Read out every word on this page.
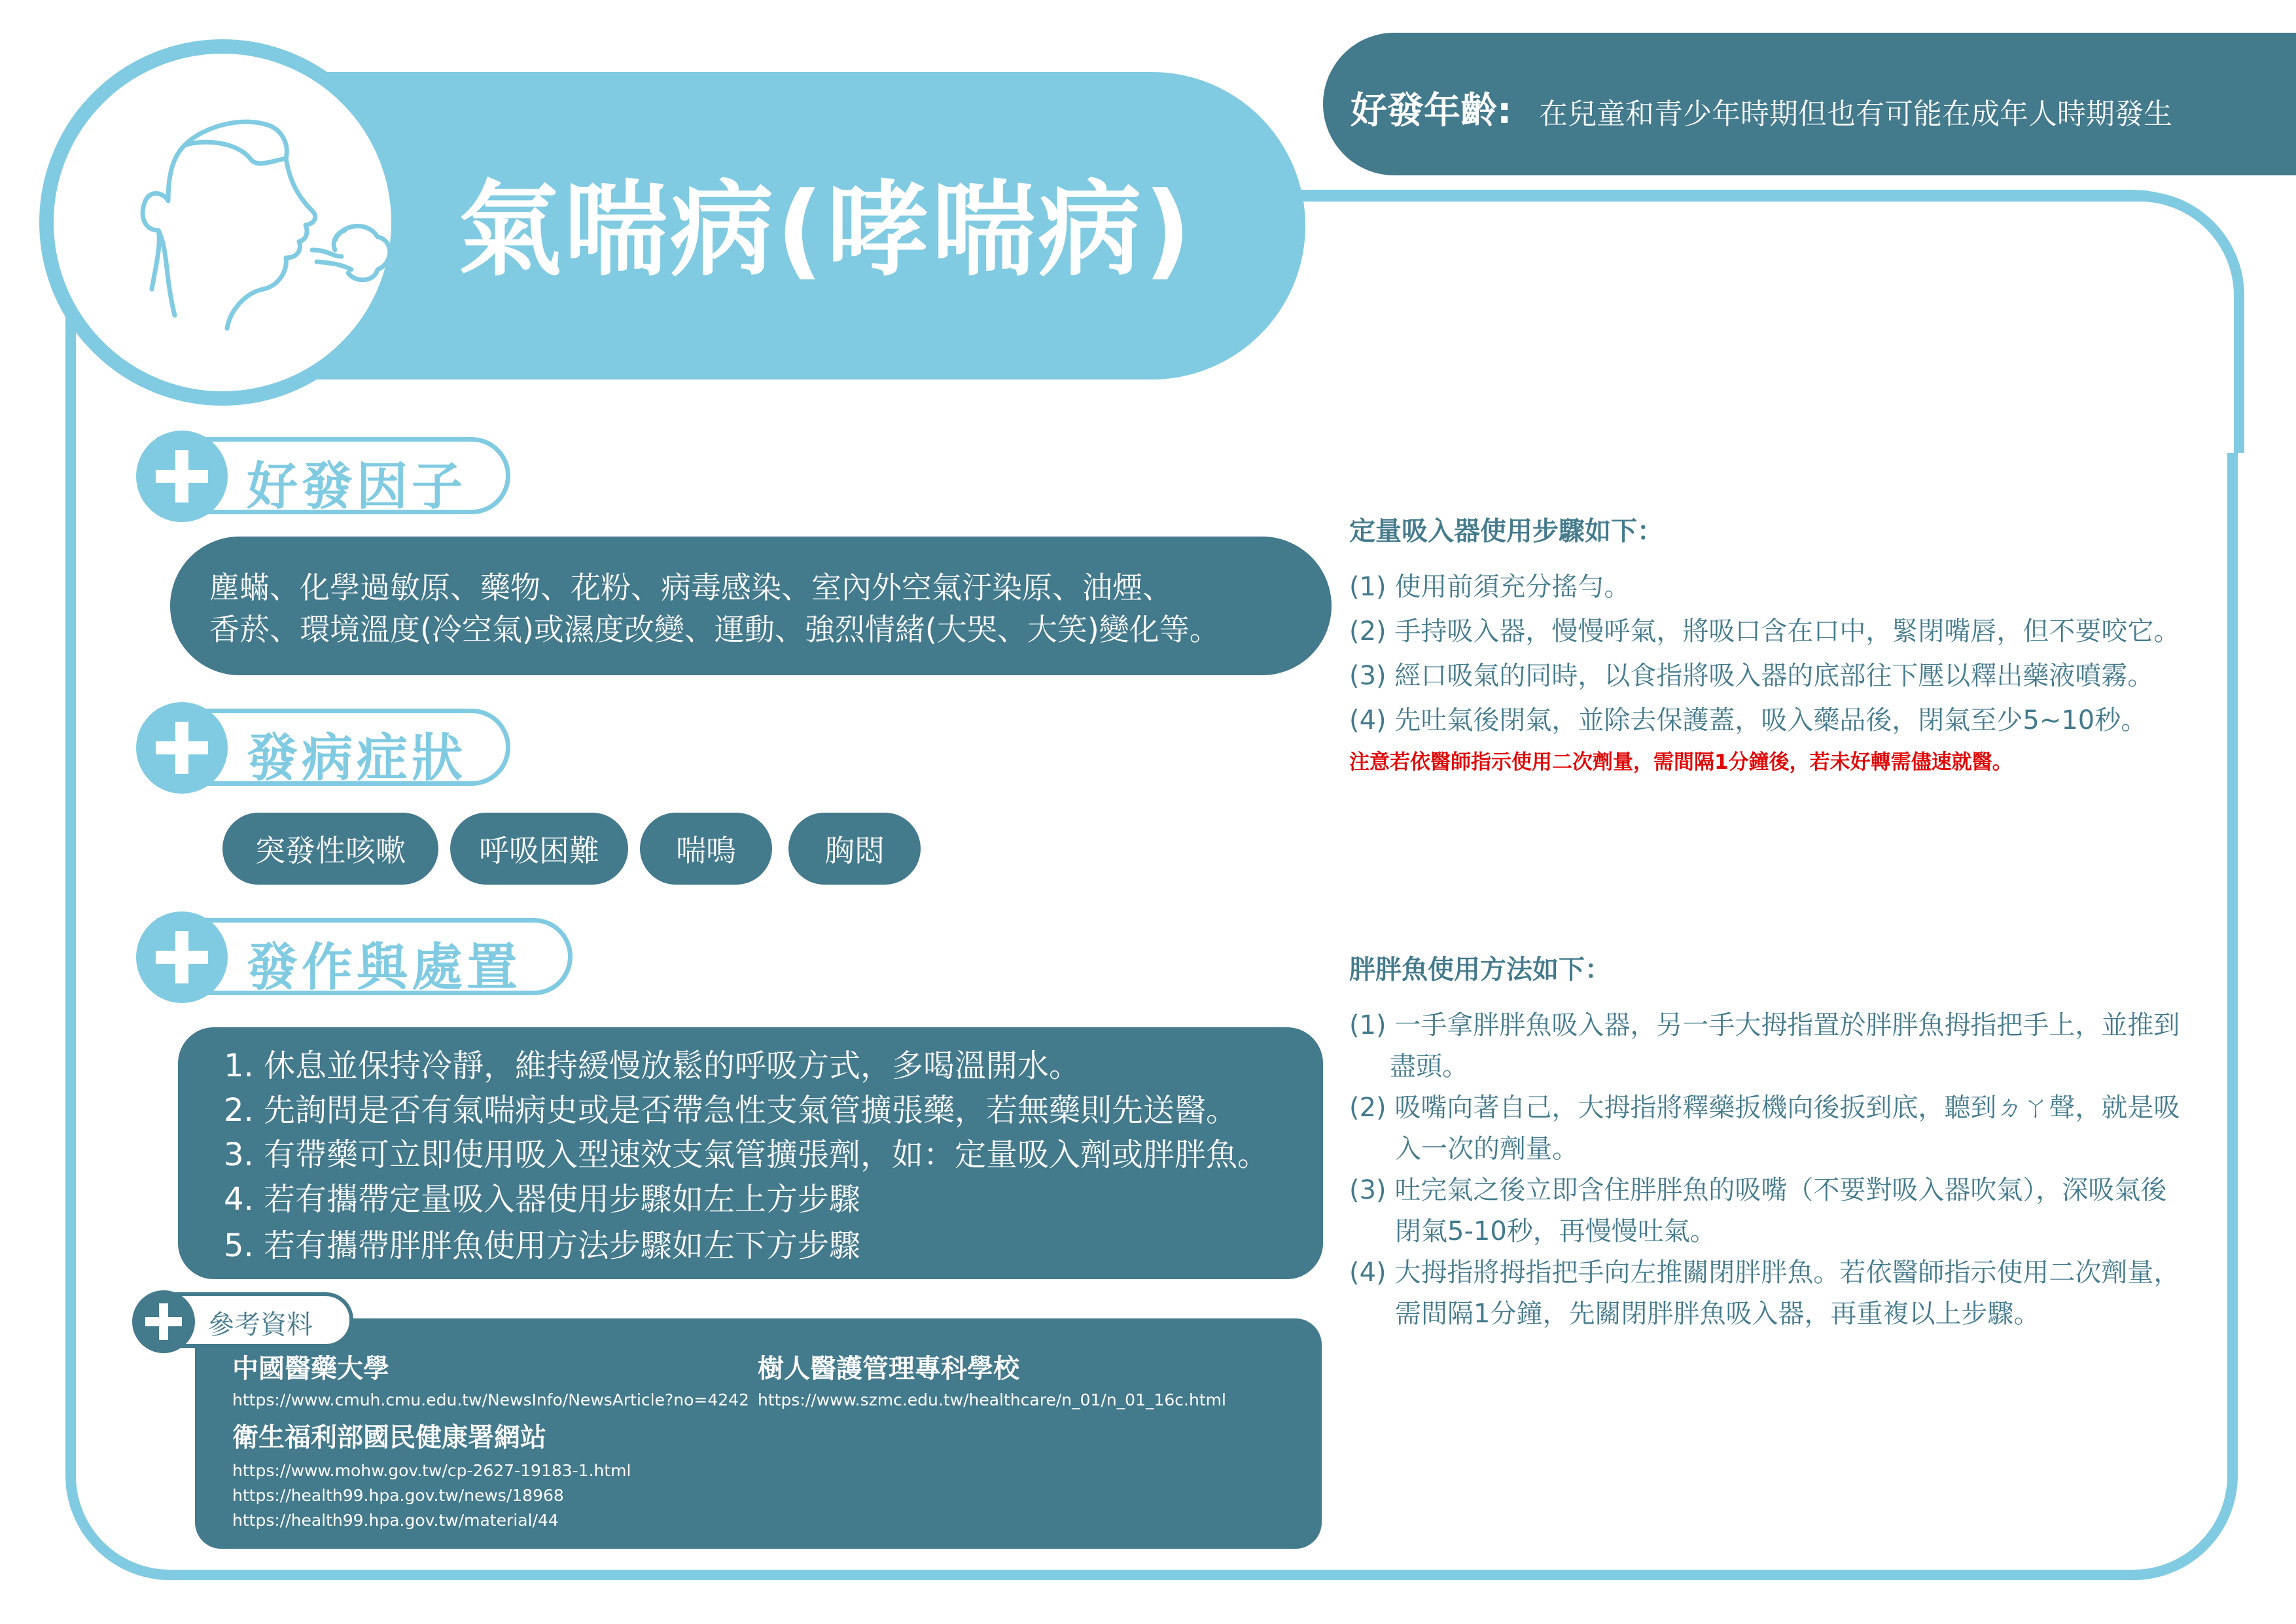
氣喘病(哮喘病)
好發年齡: 在兒童和青少年時期但也有可能在成年人時期發生
好發因子
塵蟎、化學過敏原、藥物、花粉、病毒感染、室內外空氣汙染原、油煙、
香菸、環境溫度(冷空氣)或濕度改變、運動、強烈情緒(大哭、大笑)變化等。
發病症狀
突發性咳嗽	呼吸困難	喘鳴	胸悶
發作與處置
1. 休息並保持冷靜，維持緩慢放鬆的呼吸方式，多喝溫開水。
2. 先詢問是否有氣喘病史或是否帶急性支氣管擴張藥，若無藥則先送醫。
3. 有帶藥可立即使用吸入型速效支氣管擴張劑，如：定量吸入劑或胖胖魚。
4. 若有攜帶定量吸入器使用步驟如左上方步驟
5. 若有攜帶胖胖魚使用方法步驟如左下方步驟
中國醫藥大學
https://www.cmuh.cmu.edu.tw/NewsInfo/NewsArticle?no=4242
樹人醫護管理專科學校
https://www.szmc.edu.tw/healthcare/n_01/n_01_16c.html
衛生福利部國民健康署網站
https://www.mohw.gov.tw/cp-2627-19183-1.html
https://health99.hpa.gov.tw/news/18968
https://health99.hpa.gov.tw/material/44
參考資料
定量吸入器使用步驟如下：
(1) 使用前須充分搖勻。
(2) 手持吸入器，慢慢呼氣，將吸口含在口中，緊閉嘴唇，但不要咬它。
(3) 經口吸氣的同時，以食指將吸入器的底部往下壓以釋出藥液噴霧。
(4) 先吐氣後閉氣，並除去保護蓋，吸入藥品後，閉氣至少5~10秒。
注意若依醫師指示使用二次劑量，需間隔1分鐘後，若未好轉需儘速就醫。
胖胖魚使用方法如下：
(1) 一手拿胖胖魚吸入器，另一手大拇指置於胖胖魚拇指把手上，並推到
盡頭。
(2) 吸嘴向著自己，大拇指將釋藥扳機向後扳到底，聽到ㄉㄚ聲，就是吸
入一次的劑量。
(3) 吐完氣之後立即含住胖胖魚的吸嘴（不要對吸入器吹氣），深吸氣後
閉氣5-10秒，再慢慢吐氣。
(4) 大拇指將拇指把手向左推關閉胖胖魚。若依醫師指示使用二次劑量，
需間隔1分鐘，先關閉胖胖魚吸入器，再重複以上步驟。
